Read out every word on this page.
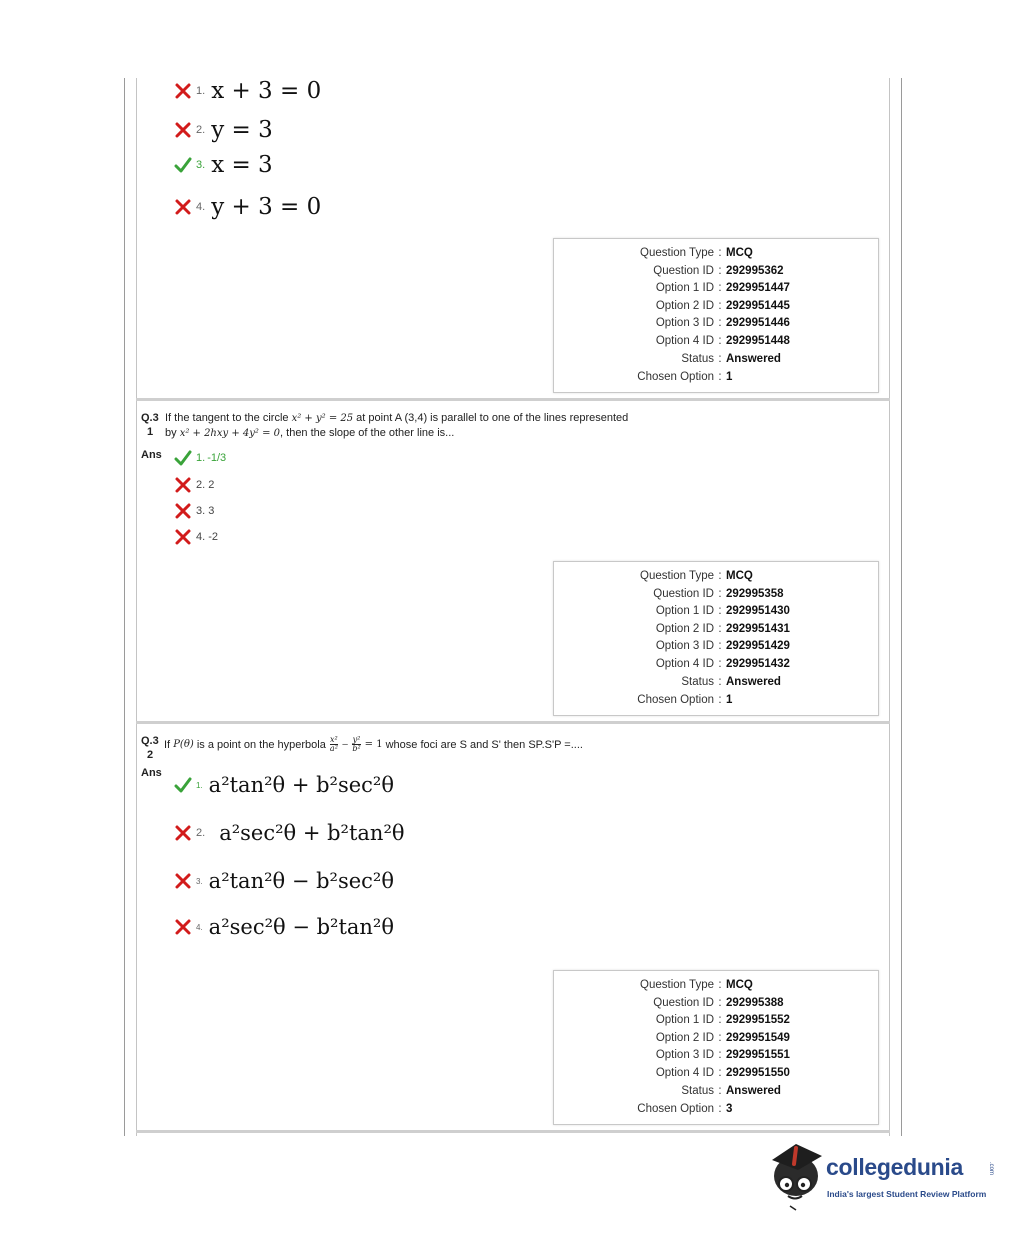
1. x + 3 = 0
2. y = 3
3. x = 3
4. y + 3 = 0
Question Type : MCQ
Question ID : 292995362
Option 1 ID : 2929951447
Option 2 ID : 2929951445
Option 3 ID : 2929951446
Option 4 ID : 2929951448
Status : Answered
Chosen Option : 1
Q.3
1
If the tangent to the circle x² + y² = 25 at point A (3,4) is parallel to one of the lines represented
by x² + 2hxy + 4y² = 0, then the slope of the other line is...
Ans	1. -1/3
2. 2
3. 3
4. -2
Question Type : MCQ
Question ID : 292995358
Option 1 ID : 2929951430
Option 2 ID : 2929951431
Option 3 ID : 2929951429
Option 4 ID : 2929951432
Status : Answered
Chosen Option : 1
Q.3
2
If
P(θ)
is a point on the hyperbola
$\frac{\text{x²}}{\text{a²}} - \frac{\text{y²}}{\text{b²}} = 1$ whose foci are S and S' then SP.S'P =....
Ans
1. a²tan²θ + b²sec²θ
2. a²sec²θ + b²tan²θ
3. a²tan²θ − b²sec²θ
4. a²sec²θ − b²tan²θ
Question Type : MCQ
Question ID : 292995388
Option 1 ID : 2929951552
Option 2 ID : 2929951549
Option 3 ID : 2929951551
Option 4 ID : 2929951550
Status : Answered
Chosen Option : 3
collegedunia	.com
India's largest Student Review Platform
